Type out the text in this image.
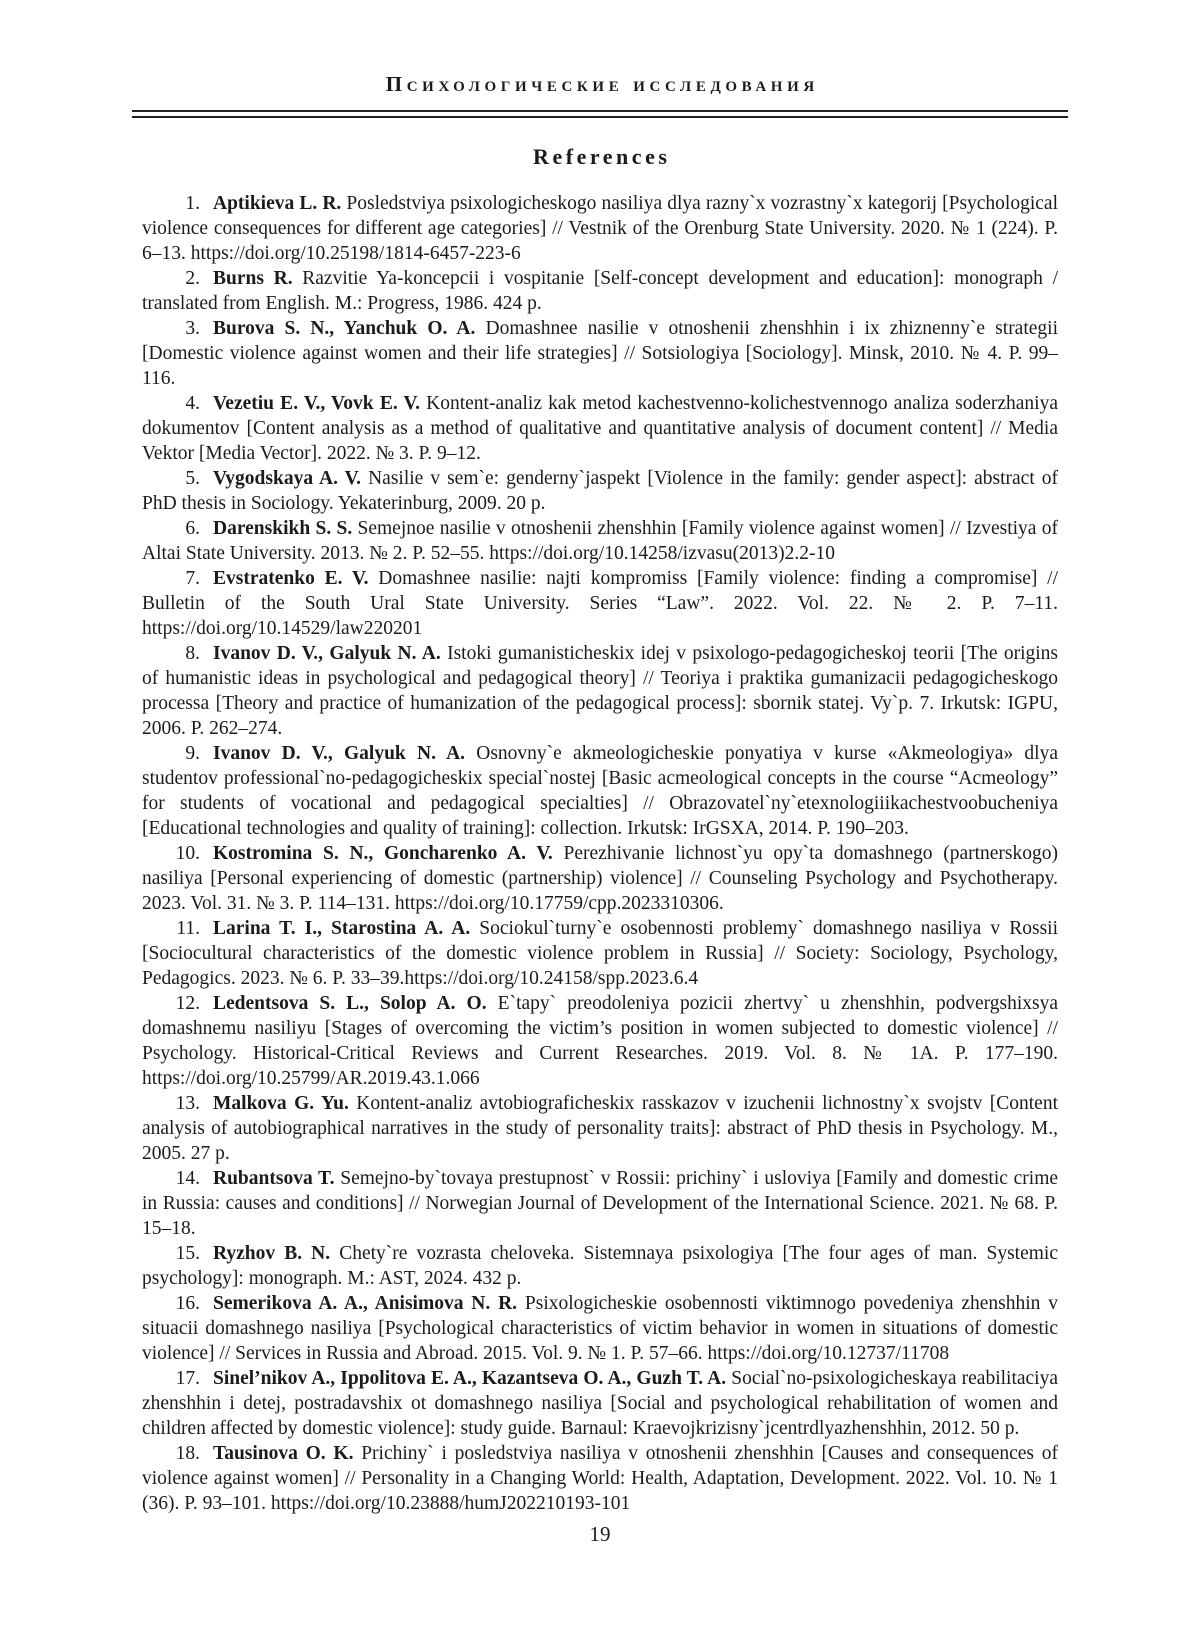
Психологические исследования
References

1. Aptikieva L. R. Posledstviya psixologicheskogo nasiliya dlya razny`x vozrastny`x kategorij [Psychological violence consequences for different age categories] // Vestnik of the Orenburg State University. 2020. № 1 (224). P. 6–13. https://doi.org/10.25198/1814-6457-223-6

2. Burns R. Razvitie Ya-koncepcii i vospitanie [Self-concept development and education]: monograph / translated from English. M.: Progress, 1986. 424 p.

3. Burova S. N., Yanchuk O. A. Domashnee nasilie v otnoshenii zhenshhin i ix zhiznenny`e strategii [Domestic violence against women and their life strategies] // Sotsiologiya [Sociology]. Minsk, 2010. № 4. P. 99–116.

4. Vezetiu E. V., Vovk E. V. Kontent-analiz kak metod kachestvenno-kolichestvennogo analiza soderzhaniya dokumentov [Content analysis as a method of qualitative and quantitative analysis of document content] // Media Vektor [Media Vector]. 2022. № 3. P. 9–12.

5. Vygodskaya A. V. Nasilie v sem`e: genderny`jaspekt [Violence in the family: gender aspect]: abstract of PhD thesis in Sociology. Yekaterinburg, 2009. 20 p.

6. Darenskikh S. S. Semejnoe nasilie v otnoshenii zhenshhin [Family violence against women] // Izvestiya of Altai State University. 2013. № 2. P. 52–55. https://doi.org/10.14258/izvasu(2013)2.2-10

7. Evstratenko E. V. Domashnee nasilie: najti kompromiss [Family violence: finding a compromise] // Bulletin of the South Ural State University. Series “Law”. 2022. Vol. 22. № 2. P. 7–11. https://doi.org/10.14529/law220201

8. Ivanov D. V., Galyuk N. A. Istoki gumanisticheskix idej v psixologo-pedagogicheskoj teorii [The origins of humanistic ideas in psychological and pedagogical theory] // Teoriya i praktika gumanizacii pedagogicheskogo processa [Theory and practice of humanization of the pedagogical process]: sbornik statej. Vy`p. 7. Irkutsk: IGPU, 2006. P. 262–274.

9. Ivanov D. V., Galyuk N. A. Osnovny`e akmeologicheskie ponyatiya v kurse «Akmeologiya» dlya studentov professional`no-pedagogicheskix special`nostej [Basic acmeological concepts in the course “Acmeology” for students of vocational and pedagogical specialties] // Obrazovatel`ny`etexnologiiikachestvoobucheniya [Educational technologies and quality of training]: collection. Irkutsk: IrGSXA, 2014. P. 190–203.

10. Kostromina S. N., Goncharenko A. V. Perezhivanie lichnost`yu opy`ta domashnego (partnerskogo) nasiliya [Personal experiencing of domestic (partnership) violence] // Counseling Psychology and Psychotherapy. 2023. Vol. 31. № 3. P. 114–131. https://doi.org/10.17759/cpp.2023310306.

11. Larina T. I., Starostina A. A. Sociokul`turny`e osobennosti problemy` domashnego nasiliya v Rossii [Sociocultural characteristics of the domestic violence problem in Russia] // Society: Sociology, Psychology, Pedagogics. 2023. № 6. P. 33–39.https://doi.org/10.24158/spp.2023.6.4

12. Ledentsova S. L., Solop A. O. E`tapy` preodoleniya pozicii zhertvy` u zhenshhin, podvergshixsya domashnemu nasiliyu [Stages of overcoming the victim’s position in women subjected to domestic violence] // Psychology. Historical-Critical Reviews and Current Researches. 2019. Vol. 8. № 1A. P. 177–190. https://doi.org/10.25799/AR.2019.43.1.066

13. Malkova G. Yu. Kontent-analiz avtobiograficheskix rasskazov v izuchenii lichnostny`x svojstv [Content analysis of autobiographical narratives in the study of personality traits]: abstract of PhD thesis in Psychology. M., 2005. 27 p.

14. Rubantsova T. Semejno-by`tovaya prestupnost` v Rossii: prichiny` i usloviya [Family and domestic crime in Russia: causes and conditions] // Norwegian Journal of Development of the International Science. 2021. № 68. P. 15–18.

15. Ryzhov B. N. Chety`re vozrasta cheloveka. Sistemnaya psixologiya [The four ages of man. Systemic psychology]: monograph. M.: AST, 2024. 432 p.

16. Semerikova A. A., Anisimova N. R. Psixologicheskie osobennosti viktimnogo povedeniya zhenshhin v situacii domashnego nasiliya [Psychological characteristics of victim behavior in women in situations of domestic violence] // Services in Russia and Abroad. 2015. Vol. 9. № 1. P. 57–66. https://doi.org/10.12737/11708

17. Sinel’nikov A., Ippolitova E. A., Kazantseva O. A., Guzh T. A. Social`no-psixologicheskaya reabilitaciya zhenshhin i detej, postradavshix ot domashnego nasiliya [Social and psychological rehabilitation of women and children affected by domestic violence]: study guide. Barnaul: Kraevojkrizisny`jcentrdlyazhenshhin, 2012. 50 p.

18. Tausinova O. K. Prichiny` i posledstviya nasiliya v otnoshenii zhenshhin [Causes and consequences of violence against women] // Personality in a Changing World: Health, Adaptation, Development. 2022. Vol. 10. № 1 (36). P. 93–101. https://doi.org/10.23888/humJ202210193-101

19
